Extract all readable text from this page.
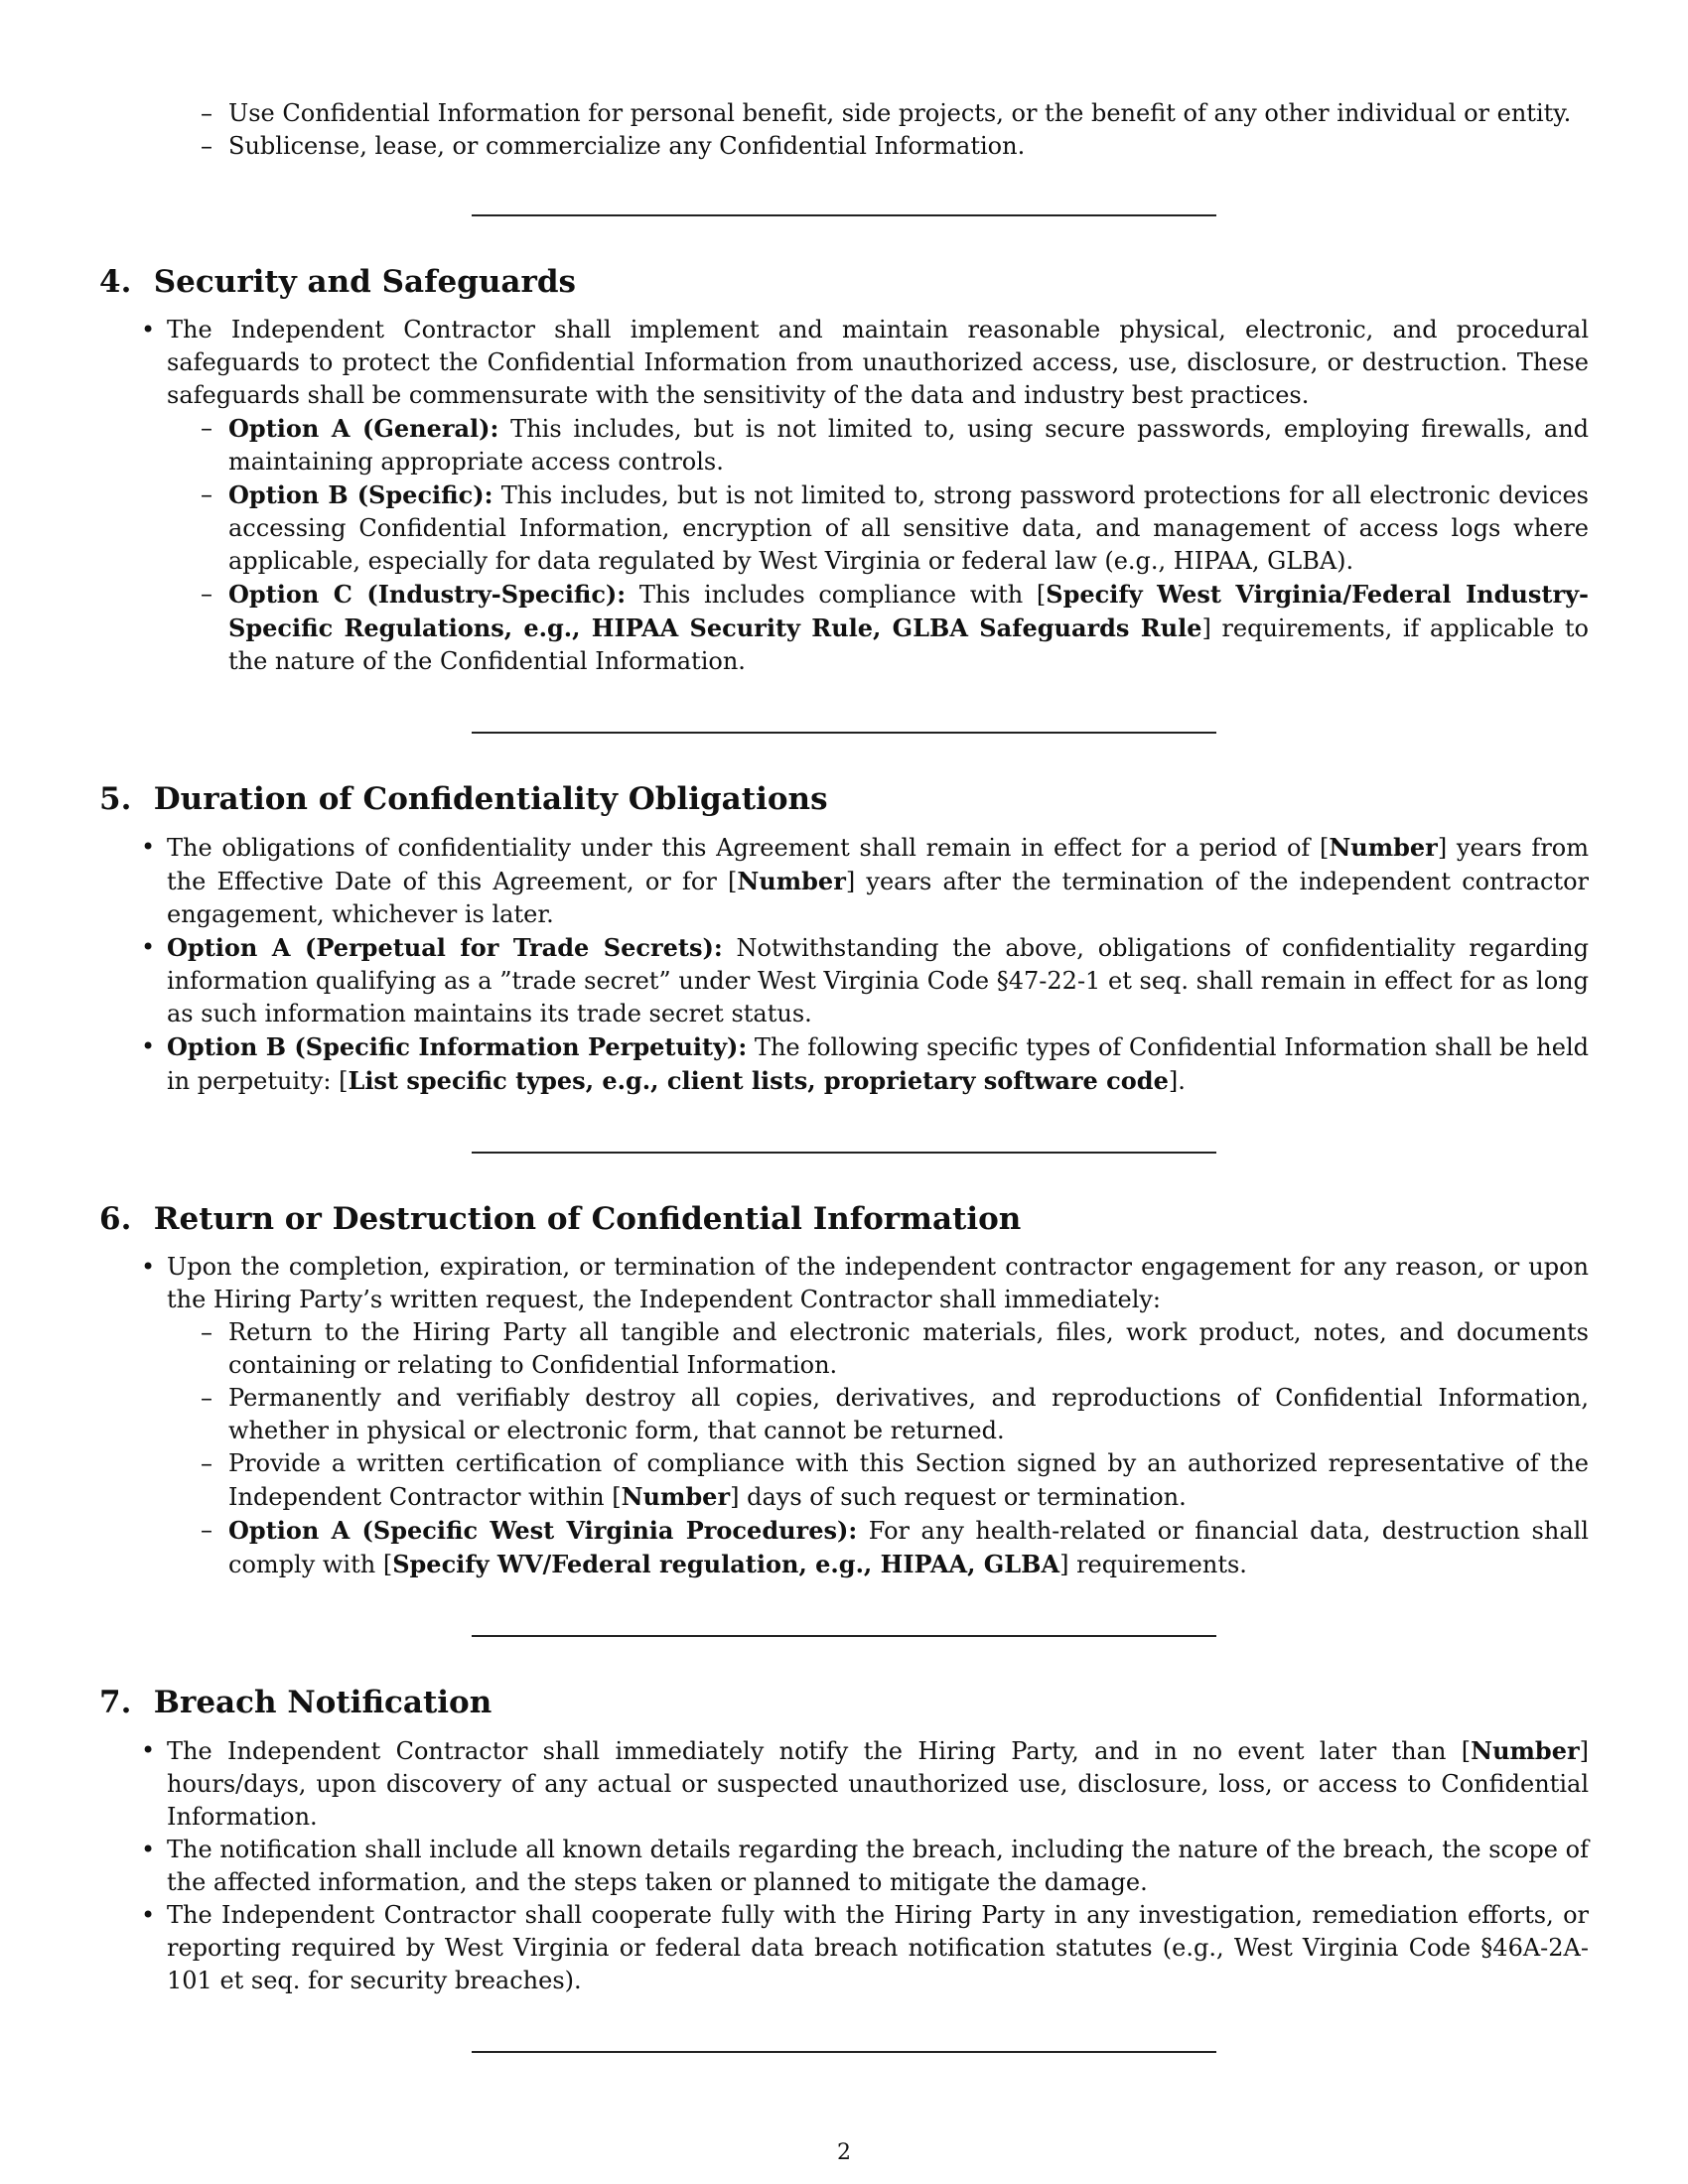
– Use Confidential Information for personal benefit, side projects, or the benefit of any other individual or entity.
– Sublicense, lease, or commercialize any Confidential Information.
4. Security and Safeguards
• The Independent Contractor shall implement and maintain reasonable physical, electronic, and procedural safeguards to protect the Confidential Information from unauthorized access, use, disclosure, or destruction. These safeguards shall be commensurate with the sensitivity of the data and industry best practices.
– Option A (General): This includes, but is not limited to, using secure passwords, employing firewalls, and maintaining appropriate access controls.
– Option B (Specific): This includes, but is not limited to, strong password protections for all electronic devices accessing Confidential Information, encryption of all sensitive data, and management of access logs where applicable, especially for data regulated by West Virginia or federal law (e.g., HIPAA, GLBA).
– Option C (Industry-Specific): This includes compliance with [Specify West Virginia/Federal Industry-Specific Regulations, e.g., HIPAA Security Rule, GLBA Safeguards Rule] requirements, if applicable to the nature of the Confidential Information.
5. Duration of Confidentiality Obligations
• The obligations of confidentiality under this Agreement shall remain in effect for a period of [Number] years from the Effective Date of this Agreement, or for [Number] years after the termination of the independent contractor engagement, whichever is later.
• Option A (Perpetual for Trade Secrets): Notwithstanding the above, obligations of confidentiality regarding information qualifying as a ”trade secret” under West Virginia Code §47-22-1 et seq. shall remain in effect for as long as such information maintains its trade secret status.
• Option B (Specific Information Perpetuity): The following specific types of Confidential Information shall be held in perpetuity: [List specific types, e.g., client lists, proprietary software code].
6. Return or Destruction of Confidential Information
• Upon the completion, expiration, or termination of the independent contractor engagement for any reason, or upon the Hiring Party’s written request, the Independent Contractor shall immediately:
– Return to the Hiring Party all tangible and electronic materials, files, work product, notes, and documents containing or relating to Confidential Information.
– Permanently and verifiably destroy all copies, derivatives, and reproductions of Confidential Information, whether in physical or electronic form, that cannot be returned.
– Provide a written certification of compliance with this Section signed by an authorized representative of the Independent Contractor within [Number] days of such request or termination.
– Option A (Specific West Virginia Procedures): For any health-related or financial data, destruction shall comply with [Specify WV/Federal regulation, e.g., HIPAA, GLBA] requirements.
7. Breach Notification
• The Independent Contractor shall immediately notify the Hiring Party, and in no event later than [Number] hours/days, upon discovery of any actual or suspected unauthorized use, disclosure, loss, or access to Confidential Information.
• The notification shall include all known details regarding the breach, including the nature of the breach, the scope of the affected information, and the steps taken or planned to mitigate the damage.
• The Independent Contractor shall cooperate fully with the Hiring Party in any investigation, remediation efforts, or reporting required by West Virginia or federal data breach notification statutes (e.g., West Virginia Code §46A-2A-101 et seq. for security breaches).
2
